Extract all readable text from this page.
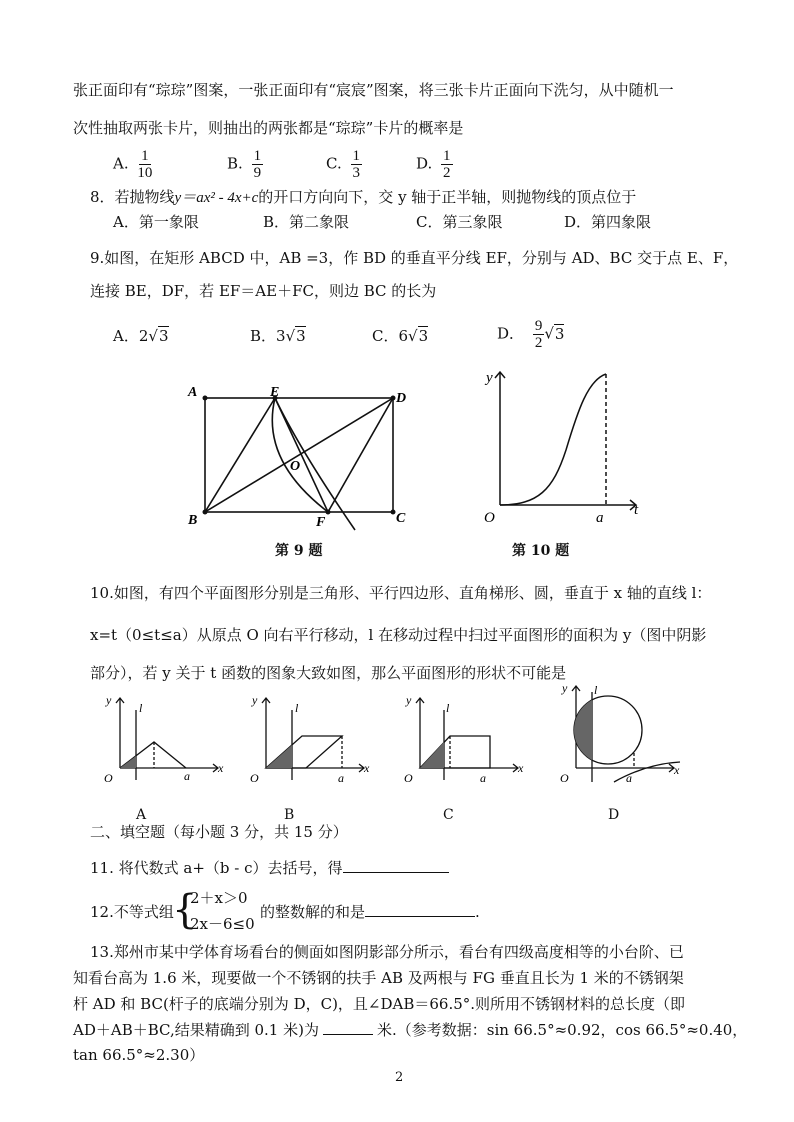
张正面印有“琮琮”图案，一张正面印有“宸宸”图案，将三张卡片正面向下洗匀，从中随机一
次性抽取两张卡片，则抽出的两张都是“琮琮”卡片的概率是
A. $\frac{1}{10}$	B. $\frac{1}{9}$	C. $\frac{1}{3}$	D. $\frac{1}{2}$
8．若抛物线y＝ax² - 4x+c的开口方向向下，交 y 轴于正半轴，则抛物线的顶点位于
A．第一象限	B．第二象限	C．第三象限	D．第四象限
9.如图，在矩形 ABCD 中，AB =3，作 BD 的垂直平分线 EF，分别与 AD、BC 交于点 E、F，
连接 BE，DF，若 EF＝AE＋FC，则边 BC 的长为
A．2√3	B．3√3	C．6√3	D． $\frac{9}{2} √3$
A	D
B	C
E
F
O
第 9 题
y
t
O	a
第 10 题
10.如图，有四个平面图形分别是三角形、平行四边形、直角梯形、圆，垂直于 x 轴的直线 l：
x=t（0≤t≤a）从原点 O 向右平行移动，l 在移动过程中扫过平面图形的面积为 y（图中阴影
部分），若 y 关于 t 函数的图象大致如图，那么平面图形的形状不可能是
y
l
O	a
x
A
y
l
O	a
x
B
y
l
O	a
x
C
y l
O	a
x
D
二、填空题（每小题 3 分，共 15 分）
11. 将代数式 a+（b - c）去括号，得
12.不等式组
{
2＋x＞0
2x－6≤0
的整数解的和是	.
13.郑州市某中学体育场看台的侧面如图阴影部分所示，看台有四级高度相等的小台阶、已
知看台高为 1.6 米，现要做一个不锈钢的扶手 AB 及两根与 FG 垂直且长为 1 米的不锈钢架
杆 AD 和 BC(杆子的底端分别为 D，C)，且∠DAB＝66.5°.则所用不锈钢材料的总长度（即
AD＋AB＋BC,结果精确到 0.1 米)为	米.（参考数据：sin 66.5°≈0.92，cos 66.5°≈0.40，
tan 66.5°≈2.30）
2
